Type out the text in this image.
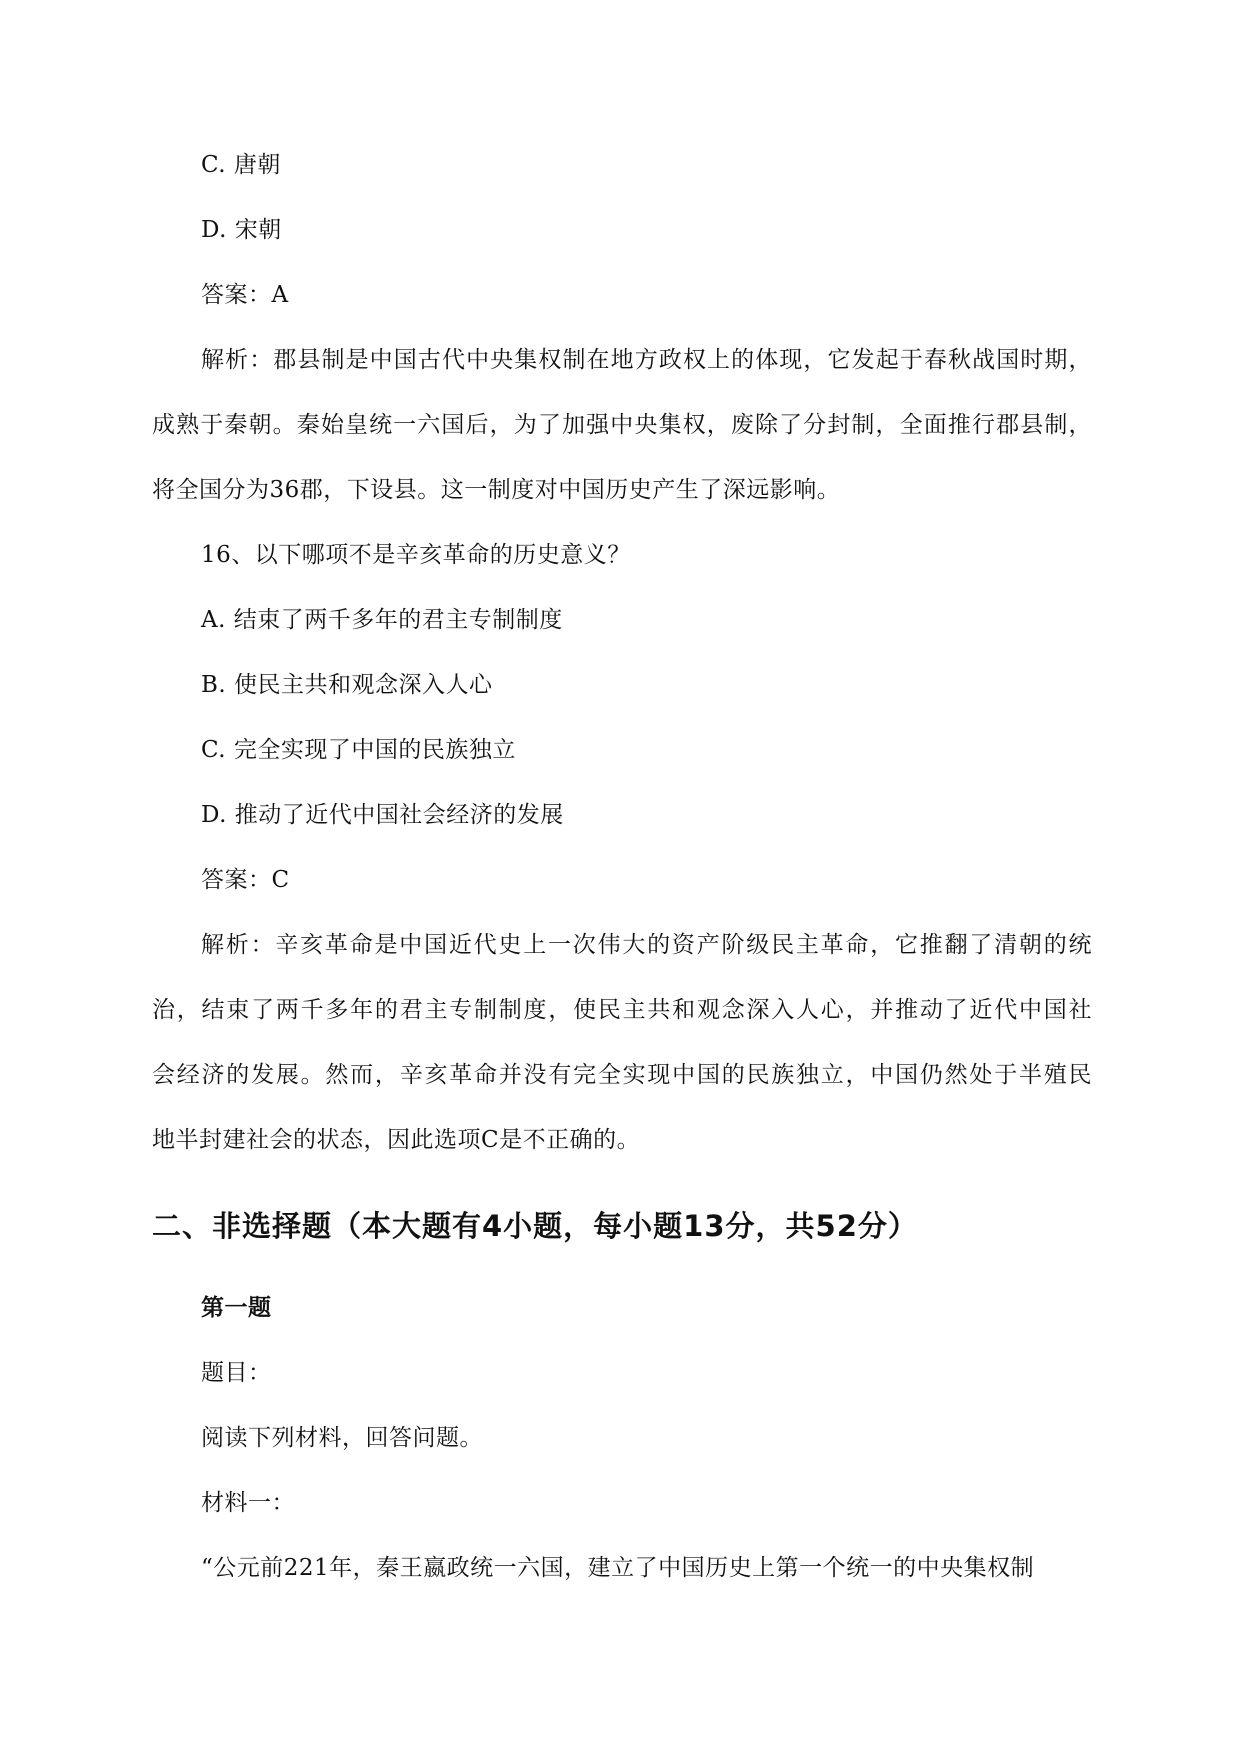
C. 唐朝
D. 宋朝
答案：A
解析：郡县制是中国古代中央集权制在地方政权上的体现，它发起于春秋战国时期，
成熟于秦朝。秦始皇统一六国后，为了加强中央集权，废除了分封制，全面推行郡县制，
将全国分为36郡，下设县。这一制度对中国历史产生了深远影响。
16、以下哪项不是辛亥革命的历史意义？
A. 结束了两千多年的君主专制制度
B. 使民主共和观念深入人心
C. 完全实现了中国的民族独立
D. 推动了近代中国社会经济的发展
答案：C
解析：辛亥革命是中国近代史上一次伟大的资产阶级民主革命，它推翻了清朝的统
治，结束了两千多年的君主专制制度，使民主共和观念深入人心，并推动了近代中国社
会经济的发展。然而，辛亥革命并没有完全实现中国的民族独立，中国仍然处于半殖民
地半封建社会的状态，因此选项C是不正确的。
二、非选择题（本大题有4小题，每小题13分，共52分）
第一题
题目：
阅读下列材料，回答问题。
材料一：
“公元前221年，秦王嬴政统一六国，建立了中国历史上第一个统一的中央集权制
